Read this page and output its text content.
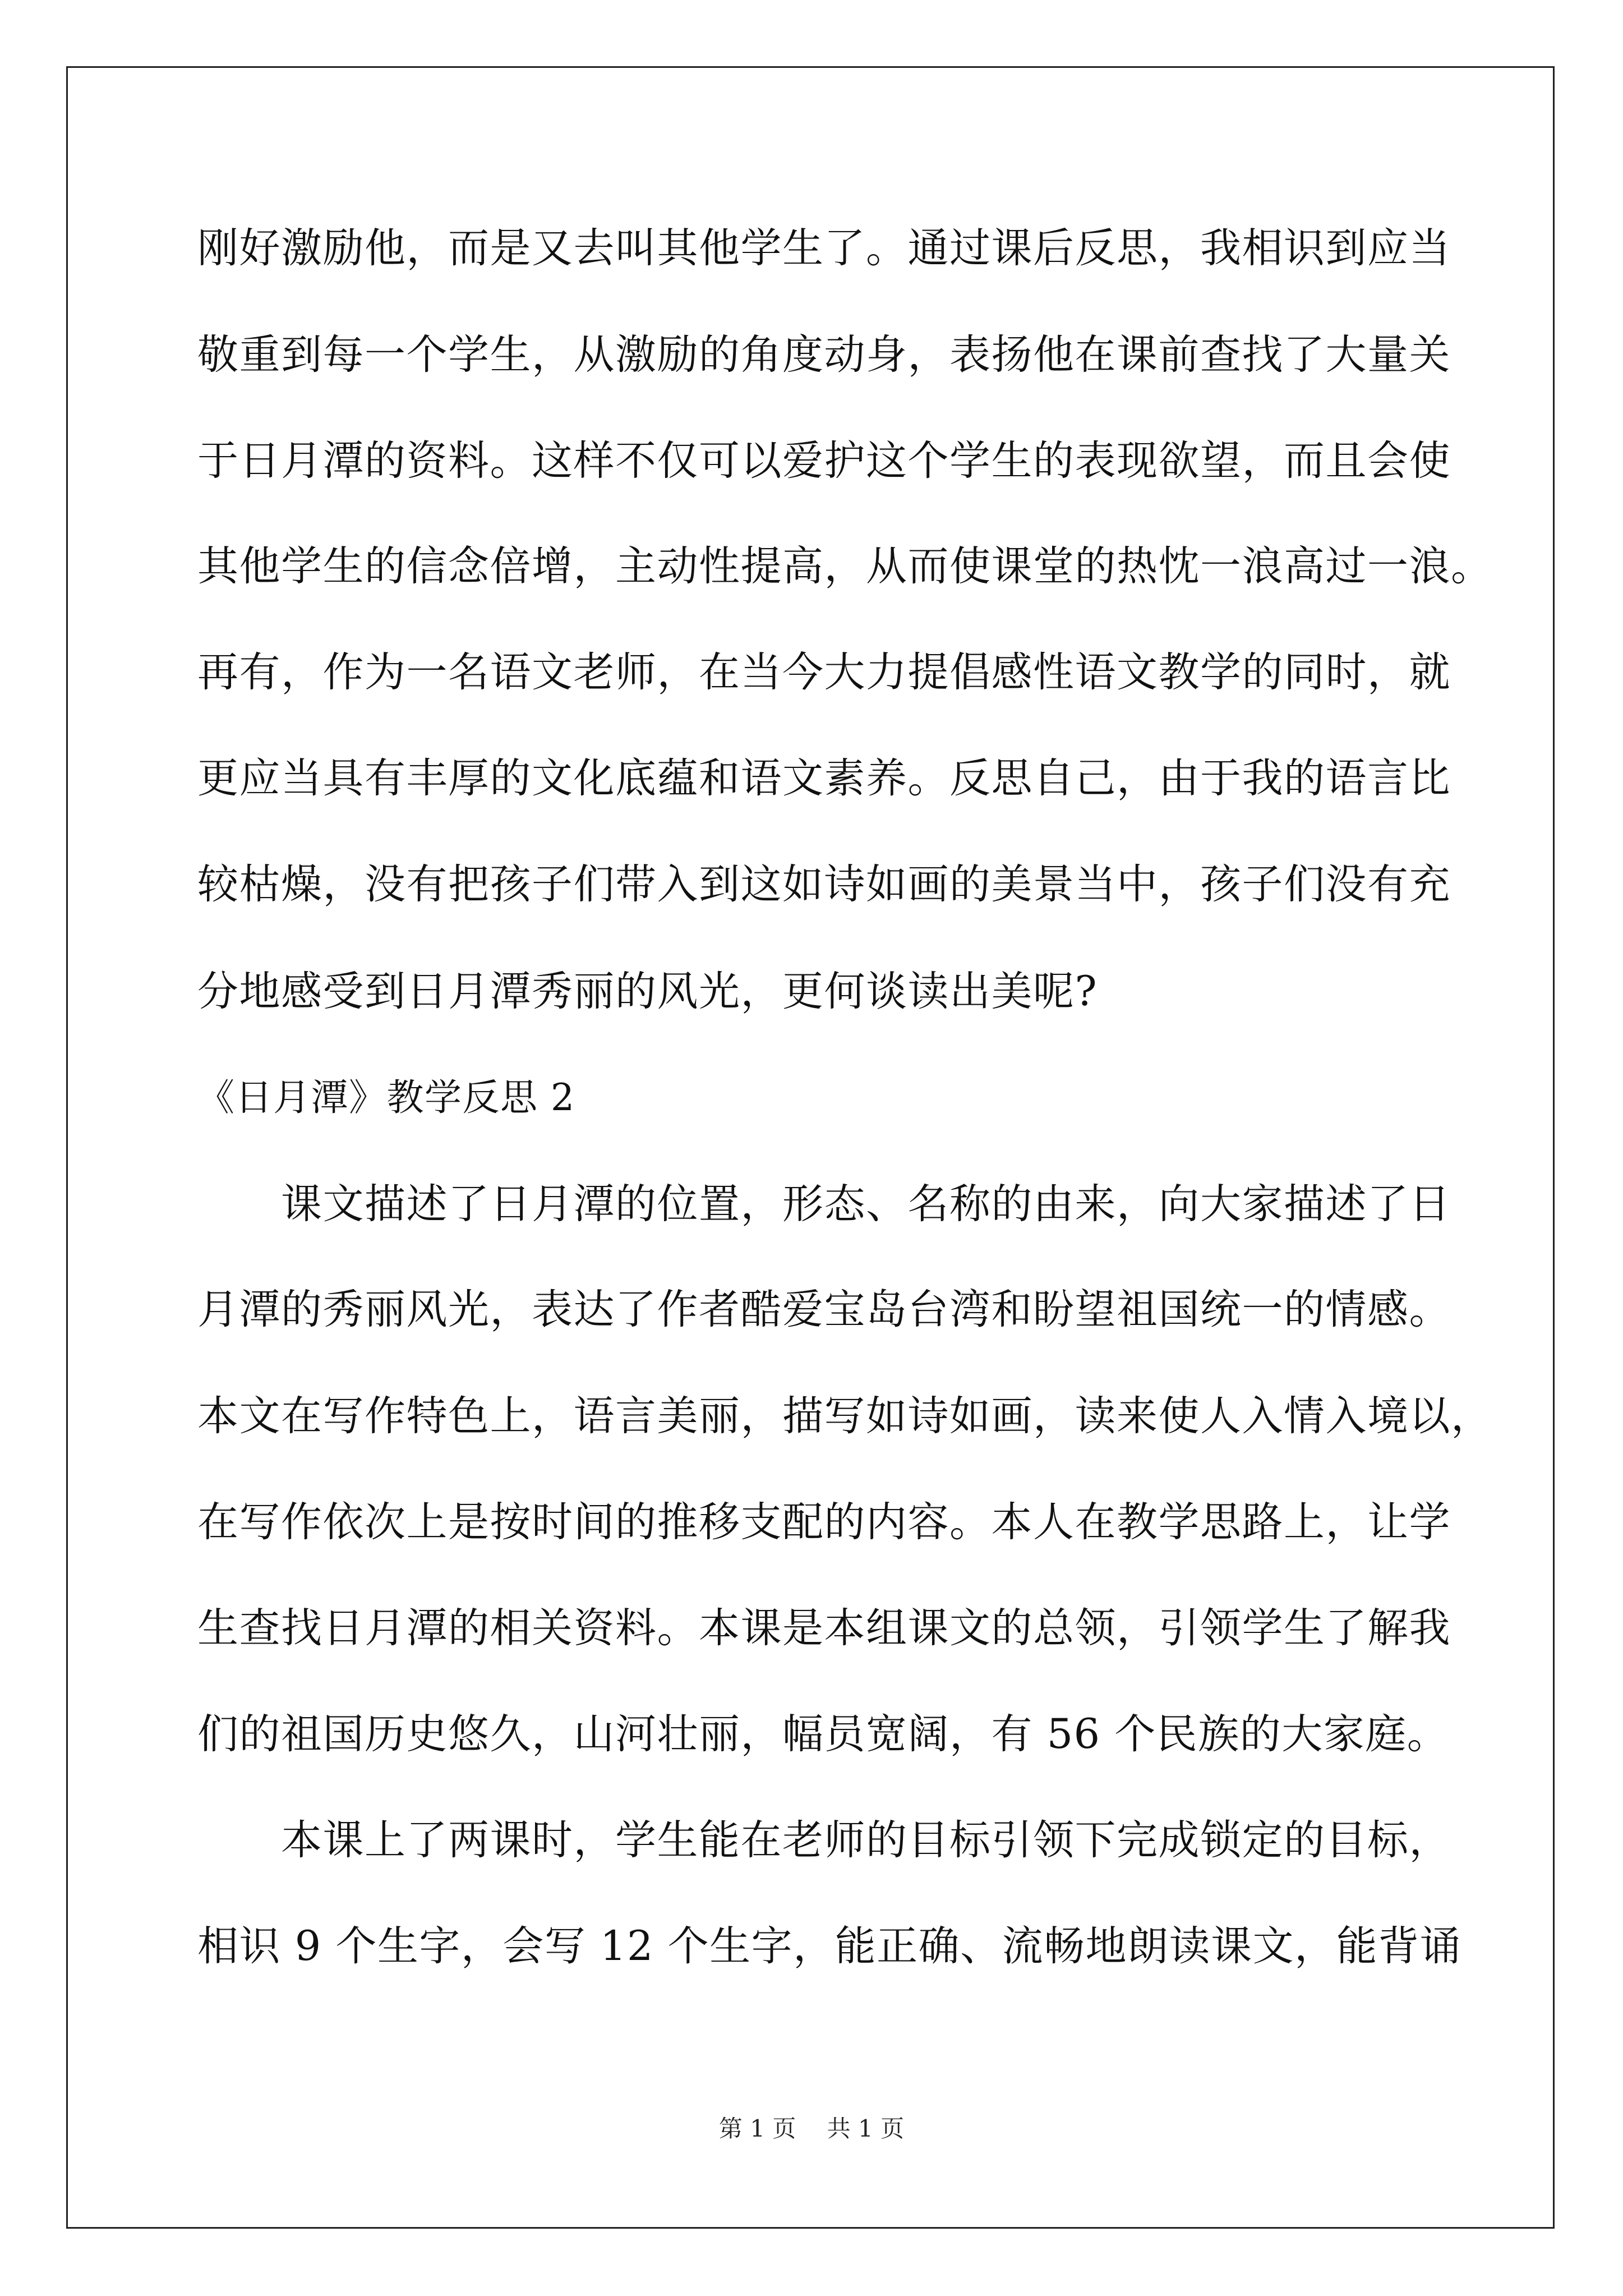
刚好激励他，而是又去叫其他学生了。通过课后反思，我相识到应当
敬重到每一个学生，从激励的角度动身，表扬他在课前查找了大量关
于日月潭的资料。这样不仅可以爱护这个学生的表现欲望，而且会使
其他学生的信念倍增，主动性提高，从而使课堂的热忱一浪高过一浪。
再有，作为一名语文老师，在当今大力提倡感性语文教学的同时，就
更应当具有丰厚的文化底蕴和语文素养。反思自己，由于我的语言比
较枯燥，没有把孩子们带入到这如诗如画的美景当中，孩子们没有充
分地感受到日月潭秀丽的风光，更何谈读出美呢?
《日月潭》教学反思 2
　　课文描述了日月潭的位置，形态、名称的由来，向大家描述了日
月潭的秀丽风光，表达了作者酷爱宝岛台湾和盼望祖国统一的情感。
本文在写作特色上，语言美丽，描写如诗如画，读来使人入情入境以，
在写作依次上是按时间的推移支配的内容。本人在教学思路上，让学
生查找日月潭的相关资料。本课是本组课文的总领，引领学生了解我
们的祖国历史悠久，山河壮丽，幅员宽阔，有 56 个民族的大家庭。
　　本课上了两课时，学生能在老师的目标引领下完成锁定的目标，
相识 9 个生字，会写 12 个生字，能正确、流畅地朗读课文，能背诵
第 1 页　 共 1 页
